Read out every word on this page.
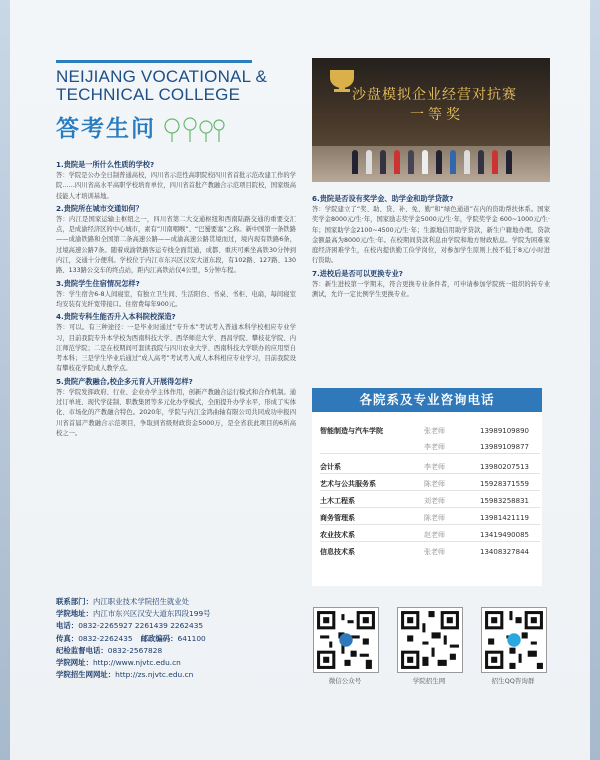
NEIJIANG VOCATIONAL &
TECHNICAL COLLEGE
答考生问
沙盘模拟企业经营对抗赛
一等奖
1.贵院是一所什么性质的学校?
答：学院是公办全日制普通高校，四川省示范性高职院校四川省首批示范改建工作的学院……四川省高水平高职学校培育单位，四川省首批产教融合示范项目院校，国家级高技能人才培训基地。
2.贵院所在城市交通如何？
答：内江是国家运输主枢纽之一，四川省第二大交通枢纽和西南陆路交通的重要交汇点，是成渝经济区的中心城市，素有“川南咽喉”、“巴蜀要塞”之称。新中国第一条铁路——成渝铁路和全国第二条高速公路——成渝高速公路贯境而过，境内现有铁路6条，过境高速公路7条。随着成渝铁路客运专线全面贯通，成都、重庆可乘坐高铁30分钟到内江，交通十分便利。学校位于内江市东兴区汉安大道东段，有102路、127路、130路、133路公交车的终点站，距内江高铁站仅4公里，5分钟车程。
3.贵院学生住宿情况怎样?
答：学生宿舍6-8人间寝室，有独立卫生间、生活阳台、书桌、书柜、电扇，每间寝室均安装有光纤宽带接口。住宿费每年900元。
4.贵院专科生能否升入本科院校深造?
答：可以。有三种途径：一是毕业时通过“专升本”考试考入普通本科学校相应专业学习，目前我院专升本学校为西南科技大学、西华师范大学、西昌学院、攀枝花学院、内江师范学院；二是在校期间可套读我院与四川农业大学、西南科技大学联办的应用型自考本科；三是学生毕业后通过“成人高考”考试考入成人本科相应专业学习，目前我院设有攀枝花学院成人教学点。
5.贵院产教融合,校企多元育人开展得怎样?
答：学院发挥政府、行业、企业办学主体作用，创新产教融合运行模式和合作机制。通过订单班、现代学徒制、职教集团等多元化办学模式，全面提升办学水平，形成了实体化、市场化的产教融合特色。2020年，学院与内江金鸿曲轴有限公司共同成功申报四川省首届产教融合示范项目，争取到省级财政资金5000万，是全省获此项目的6所高校之一。
6.贵院是否设有奖学金、助学金和助学贷款?
答：学院建立了“奖、助、贷、补、免、勤”和“绿色通道”在内的资助帮扶体系。国家奖学金8000元/生·年，国家励志奖学金5000元/生·年，学院奖学金 600~1000元/生·年；国家助学金2100~4500元/生·年；生源地信用助学贷款，新生户籍地办理，贷款金额最高为8000元/生·年。在校期间贷款利息由学院和地方财政贴息。学院为困难家庭经济困难学生，在校内提供勤工俭学岗位，对参加学生原则上按不低于8元/小时进行资助。
7.进校后是否可以更换专业?
答：新生进校第一学期末，符合更换专业条件者，可申请参加学院统一组织的转专业测试，允许一定比例学生更换专业。
各院系及专业咨询电话
智能制造与汽车学院	张老师	13989109890
李老师	13989109877
会计系	李老师	13980207513
艺术与公共服务系	陈老师	15928371559
土木工程系	刘老师	15983258831
商务管理系	陈老师	13981421119
农业技术系	赵老师	13419490085
信息技术系	张老师	13408327844
联系部门：内江职业技术学院招生就业处
学院地址：内江市东兴区汉安大道东四段199号
电话：0832-2265927 2261439 2262435
传真：0832-2262435 邮政编码：641100
纪检监督电话：0832-2567828
学院网址：http://www.njvtc.edu.cn
学院招生网网址：http://zs.njvtc.edu.cn
微信公众号	学院招生网	招生QQ咨询群
